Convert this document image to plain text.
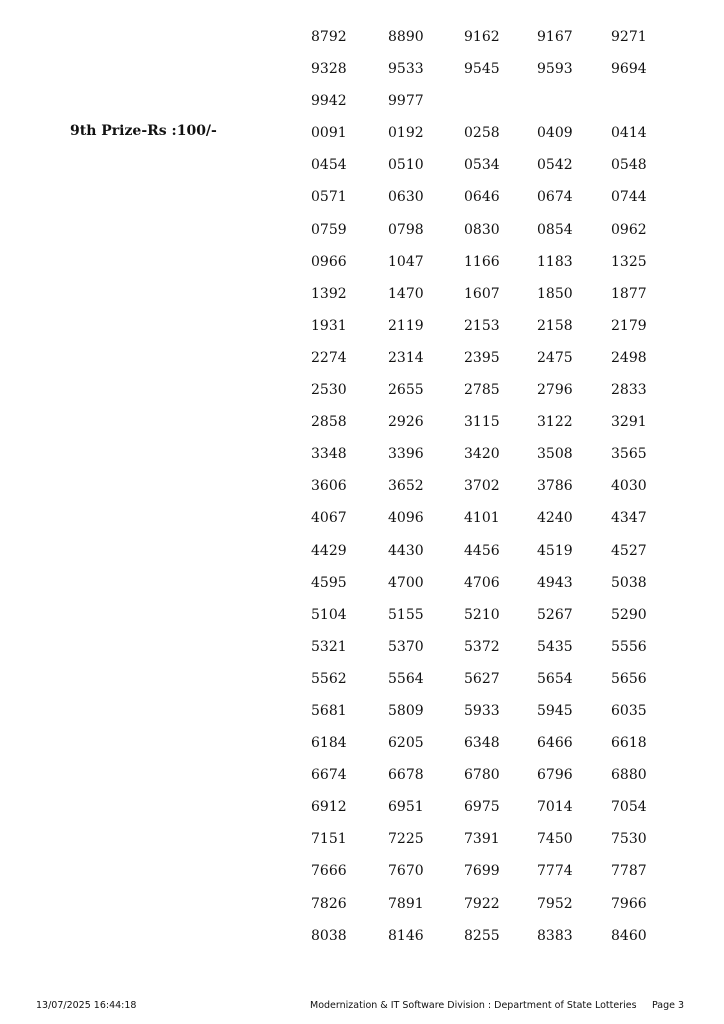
9th Prize-Rs :100/-
8792	8890	9162	9167	9271
9328	9533	9545	9593	9694
9942	9977
0091	0192	0258	0409	0414
0454	0510	0534	0542	0548
0571	0630	0646	0674	0744
0759	0798	0830	0854	0962
0966	1047	1166	1183	1325
1392	1470	1607	1850	1877
1931	2119	2153	2158	2179
2274	2314	2395	2475	2498
2530	2655	2785	2796	2833
2858	2926	3115	3122	3291
3348	3396	3420	3508	3565
3606	3652	3702	3786	4030
4067	4096	4101	4240	4347
4429	4430	4456	4519	4527
4595	4700	4706	4943	5038
5104	5155	5210	5267	5290
5321	5370	5372	5435	5556
5562	5564	5627	5654	5656
5681	5809	5933	5945	6035
6184	6205	6348	6466	6618
6674	6678	6780	6796	6880
6912	6951	6975	7014	7054
7151	7225	7391	7450	7530
7666	7670	7699	7774	7787
7826	7891	7922	7952	7966
8038	8146	8255	8383	8460
13/07/2025 16:44:18	Modernization & IT Software Division : Department of State Lotteries Page 3
